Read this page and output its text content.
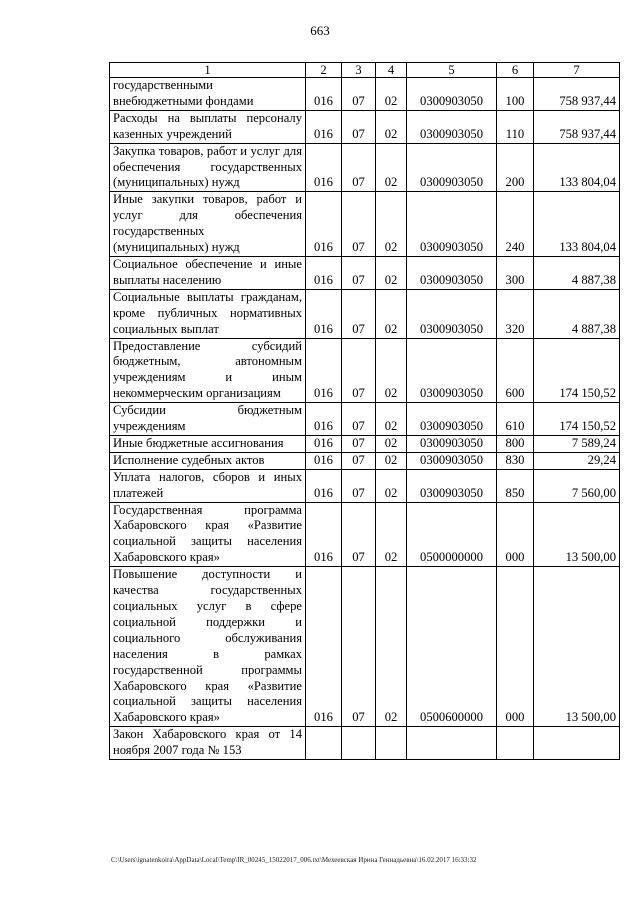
663
1	2	3	4	5	6	7
государственными внебюджетными фондами	016	07	02	0300903050	100	758 937,44
Расходы на выплаты персоналу казенных учреждений	016	07	02	0300903050	110	758 937,44
Закупка товаров, работ и услуг для обеспечения государственных (муниципальных) нужд	016	07	02	0300903050	200	133 804,04
Иные закупки товаров, работ и услуг для обеспечения государственных (муниципальных) нужд	016	07	02	0300903050	240	133 804,04
Социальное обеспечение и иные выплаты населению	016	07	02	0300903050	300	4 887,38
Социальные выплаты гражданам, кроме публичных нормативных социальных выплат	016	07	02	0300903050	320	4 887,38
Предоставление субсидий бюджетным, автономным учреждениям и иным некоммерческим организациям	016	07	02	0300903050	600	174 150,52
Субсидии бюджетным учреждениям	016	07	02	0300903050	610	174 150,52
Иные бюджетные ассигнования	016	07	02	0300903050	800	7 589,24
Исполнение судебных актов	016	07	02	0300903050	830	29,24
Уплата налогов, сборов и иных платежей	016	07	02	0300903050	850	7 560,00
Государственная программа Хабаровского края «Развитие социальной защиты населения Хабаровского края»	016	07	02	0500000000	000	13 500,00
Повышение доступности и качества государственных социальных услуг в сфере социальной поддержки и социального обслуживания населения в рамках государственной программы Хабаровского края «Развитие социальной защиты населения Хабаровского края»	016	07	02	0500600000	000	13 500,00
Закон Хабаровского края от 14 ноября 2007 года № 153						
C:\Users\ignatenkoira\AppData\Local\Temp\IR_00245_15022017_006.txt\Мехеевская Ирина Геннадьевна\16.02.2017 16:33:32
